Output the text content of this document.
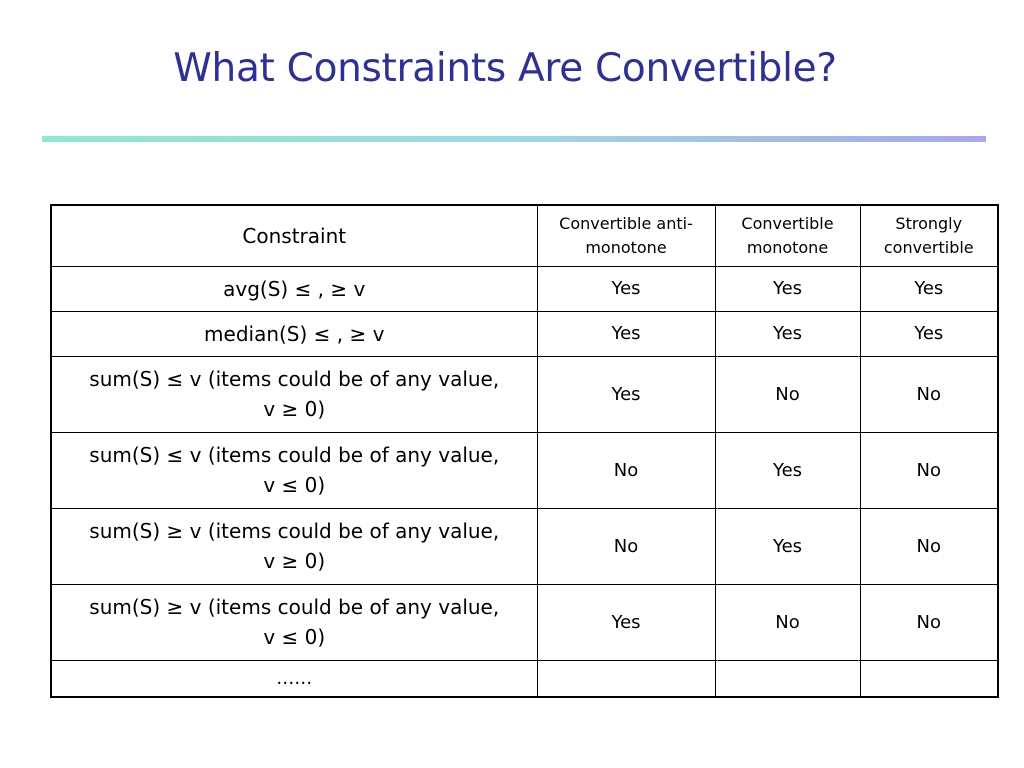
What Constraints Are Convertible?
Constraint	Convertible anti-monotone	Convertible monotone	Strongly convertible
avg(S) ≤ , ≥ v	Yes	Yes	Yes
median(S) ≤ , ≥ v	Yes	Yes	Yes

sum(S) ≤ v (items could be of any value,
v ≥ 0)	Yes	No	No

sum(S) ≤ v (items could be of any value,
v ≤ 0)	No	Yes	No

sum(S) ≥ v (items could be of any value,
v ≥ 0)	No	Yes	No

sum(S) ≥ v (items could be of any value,
v ≤ 0)	Yes	No	No
……			
